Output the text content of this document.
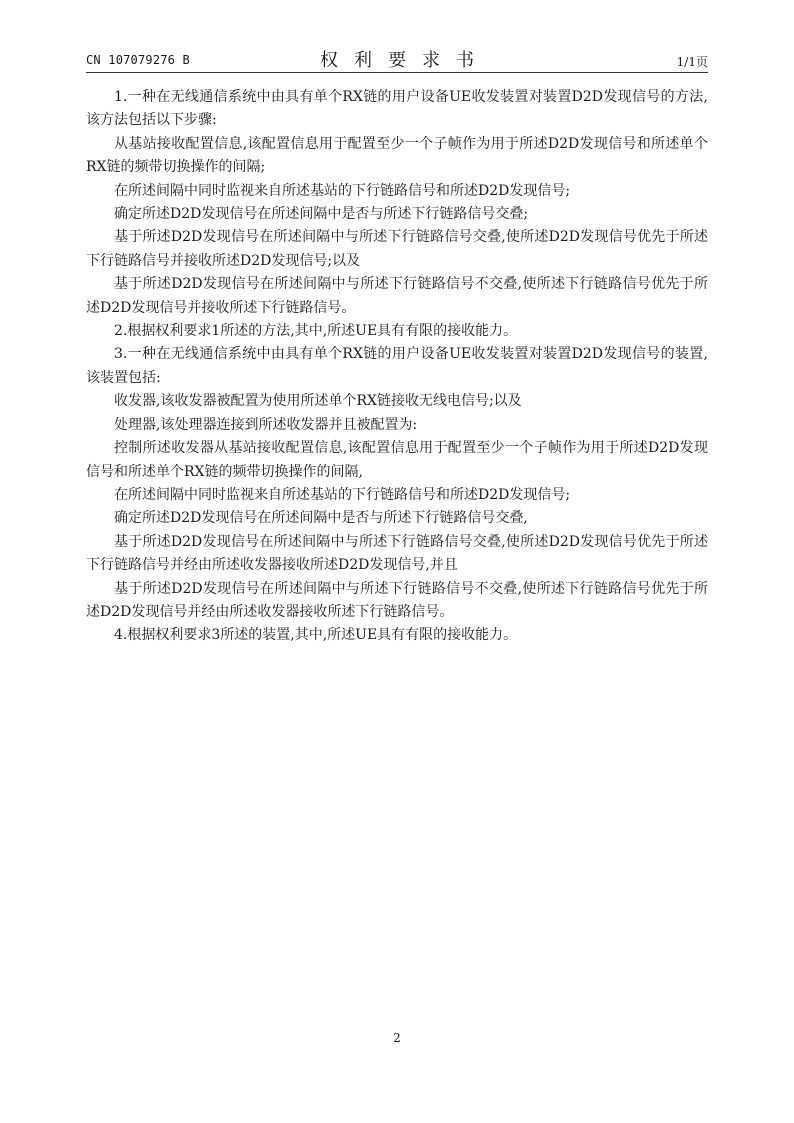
CN 107079276 B	权利要求书	1/1页

1.一种在无线通信系统中由具有单个RX链的用户设备UE收发装置对装置D2D发现信号的方法,该方法包括以下步骤:

从基站接收配置信息,该配置信息用于配置至少一个子帧作为用于所述D2D发现信号和所述单个RX链的频带切换操作的间隔;

在所述间隔中同时监视来自所述基站的下行链路信号和所述D2D发现信号;

确定所述D2D发现信号在所述间隔中是否与所述下行链路信号交叠;

基于所述D2D发现信号在所述间隔中与所述下行链路信号交叠,使所述D2D发现信号优先于所述下行链路信号并接收所述D2D发现信号;以及

基于所述D2D发现信号在所述间隔中与所述下行链路信号不交叠,使所述下行链路信号优先于所述D2D发现信号并接收所述下行链路信号。

2.根据权利要求1所述的方法,其中,所述UE具有有限的接收能力。

3.一种在无线通信系统中由具有单个RX链的用户设备UE收发装置对装置D2D发现信号的装置,该装置包括:

收发器,该收发器被配置为使用所述单个RX链接收无线电信号;以及

处理器,该处理器连接到所述收发器并且被配置为:

控制所述收发器从基站接收配置信息,该配置信息用于配置至少一个子帧作为用于所述D2D发现信号和所述单个RX链的频带切换操作的间隔,

在所述间隔中同时监视来自所述基站的下行链路信号和所述D2D发现信号;

确定所述D2D发现信号在所述间隔中是否与所述下行链路信号交叠,

基于所述D2D发现信号在所述间隔中与所述下行链路信号交叠,使所述D2D发现信号优先于所述下行链路信号并经由所述收发器接收所述D2D发现信号,并且

基于所述D2D发现信号在所述间隔中与所述下行链路信号不交叠,使所述下行链路信号优先于所述D2D发现信号并经由所述收发器接收所述下行链路信号。

4.根据权利要求3所述的装置,其中,所述UE具有有限的接收能力。

2
